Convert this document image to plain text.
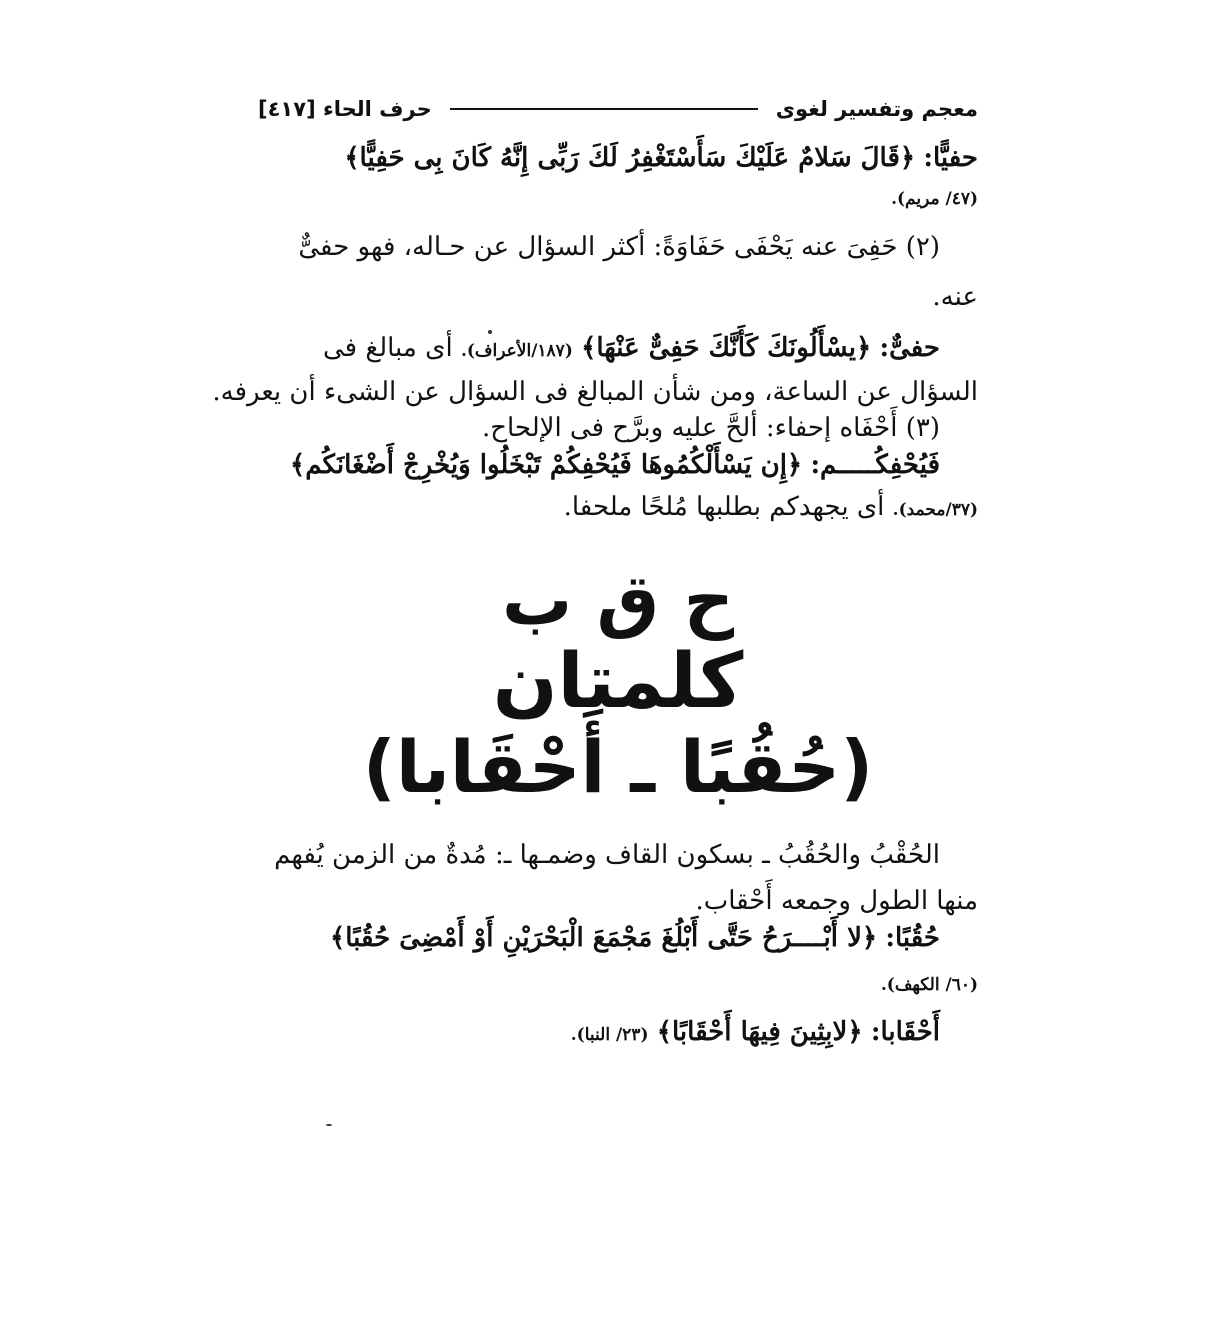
معجم وتفسير لغوى
حرف الحاء [٤١٧]

حفيًّا: ﴿قَالَ سَلامٌ عَلَيْكَ سَأَسْتَغْفِرُ لَكَ رَبِّى إِنَّهُ كَانَ بِى حَفِيًّا﴾

(٤٧/ مريم).

(٢) حَفِىَ عنه يَحْفَى حَفَاوَةً: أكثر السؤال عن حـاله، فهو حفىٌّ

عنه.

حفىٌّ: ﴿يسْأَلُونَكَ كَأَنَّكَ حَفِىٌّ عَنْهَا﴾ (١٨٧/الأعراف). أى مبالغ فى

السؤال عن الساعة، ومن شأن المبالغ فى السؤال عن الشىء أن يعرفه.

(٣) أَحْفَاه إحفاء: ألحَّ عليه وبرَّح فى الإلحاح.

فَيُحْفِكُـــــم: ﴿إِن يَسْأَلْكُمُوهَا فَيُحْفِكُمْ تَبْخَلُوا وَيُخْرِجْ أَضْغَانَكُم﴾

(٣٧/محمد). أى يجهدكم بطلبها مُلحًا ملحفا.

ح ق ب
كلمتان
(حُقُبًا ـ أَحْقَابا)

الحُقْبُ والحُقُبُ ـ بسكون القاف وضمـها ـ: مُدةٌ من الزمن يُفهم

منها الطول وجمعه أَحْقاب.

حُقُبًا: ﴿لا أَبْــــرَحُ حَتَّى أَبْلُغَ مَجْمَعَ الْبَحْرَيْنِ أَوْ أَمْضِىَ حُقُبًا﴾

(٦٠/ الكهف).

أَحْقَابا: ﴿لابِثِينَ فِيهَا أَحْقَابًا﴾ (٢٣/ النبا).
